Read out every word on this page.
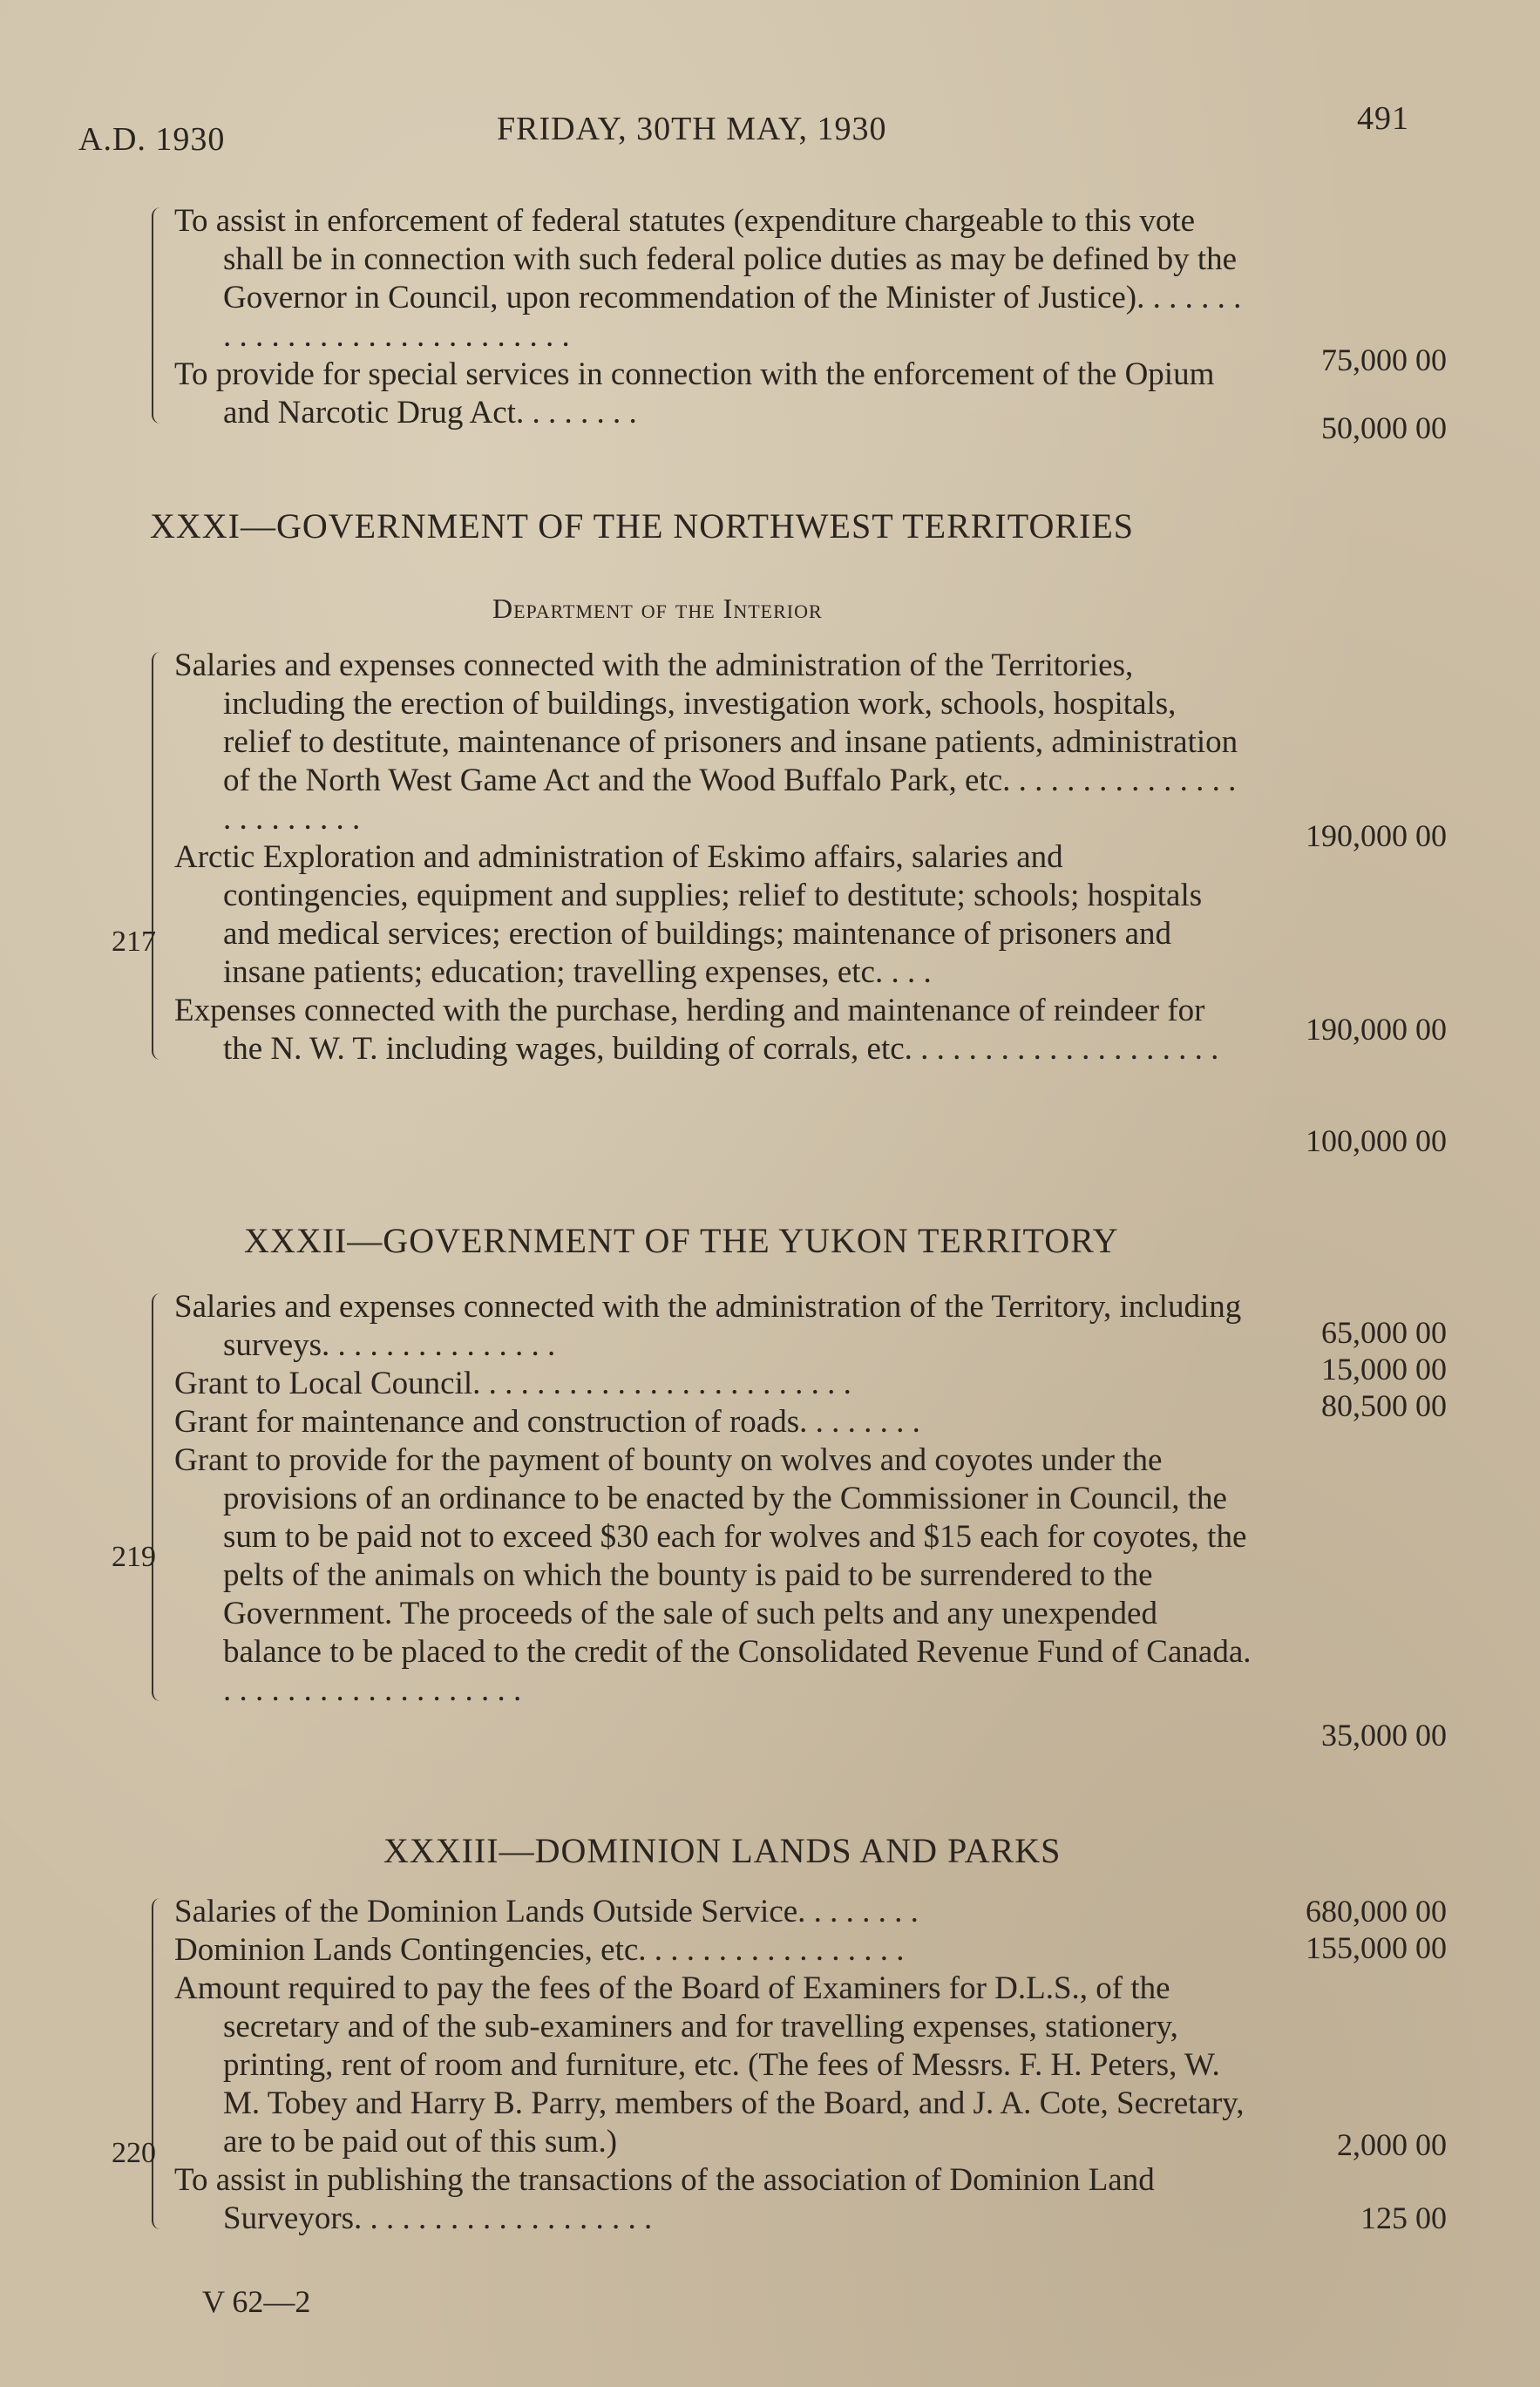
A.D. 1930	FRIDAY, 30TH MAY, 1930	491
To assist in enforcement of federal statutes (expenditure chargeable to this vote shall be in connection with such federal police duties as may be defined by the Governor in Council, upon recommendation of the Minister of Justice). . . . . . . . . . . . . . . . . . . . . . . . . . . . .
75,000 00
To provide for special services in connection with the enforcement of the Opium and Narcotic Drug Act. . . . . . . .	50,000 00
XXXI—GOVERNMENT OF THE NORTHWEST TERRITORIES
Department of the Interior
217
Salaries and expenses connected with the administration of the Territories, including the erection of buildings, investigation work, schools, hospitals, relief to destitute, maintenance of prisoners and insane patients, administration of the North West Game Act and the Wood Buffalo Park, etc. . . . . . . . . . . . . . . . . . . . . . . .	190,000 00
Arctic Exploration and administration of Eskimo affairs, salaries and contingencies, equipment and supplies; relief to destitute; schools; hospitals and medical services; erection of buildings; maintenance of prisoners and insane patients; education; travelling expenses, etc. . . .
190,000 00
Expenses connected with the purchase, herding and maintenance of reindeer for the N. W. T. including wages, building of corrals, etc. . . . . . . . . . . . . . . . . . . .
100,000 00
XXXII—GOVERNMENT OF THE YUKON TERRITORY
219
Salaries and expenses connected with the administration of the Territory, including surveys. . . . . . . . . . . . . . .	65,000 00
Grant to Local Council. . . . . . . . . . . . . . . . . . . . . . . .	15,000 00
Grant for maintenance and construction of roads. . . . . . . .	80,500 00
Grant to provide for the payment of bounty on wolves and coyotes under the provisions of an ordinance to be enacted by the Commissioner in Council, the sum to be paid not to exceed $30 each for wolves and $15 each for coyotes, the pelts of the animals on which the bounty is paid to be surrendered to the Government. The proceeds of the sale of such pelts and any unexpended balance to be placed to the credit of the Consolidated Revenue Fund of Canada. . . . . . . . . . . . . . . . . . . .
35,000 00
XXXIII—DOMINION LANDS AND PARKS
220
Salaries of the Dominion Lands Outside Service. . . . . . . .	680,000 00
Dominion Lands Contingencies, etc. . . . . . . . . . . . . . . . .	155,000 00
Amount required to pay the fees of the Board of Examiners for D.L.S., of the secretary and of the sub-examiners and for travelling expenses, stationery, printing, rent of room and furniture, etc. (The fees of Messrs. F. H. Peters, W. M. Tobey and Harry B. Parry, members of the Board, and J. A. Cote, Secretary, are to be paid out of this sum.)	2,000 00
To assist in publishing the transactions of the association of Dominion Land Surveyors. . . . . . . . . . . . . . . . . . .	125 00
V 62—2
